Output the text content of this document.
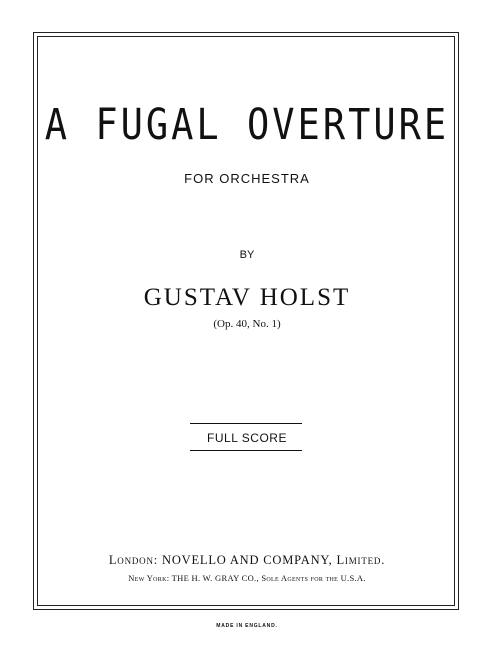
A FUGAL OVERTURE
FOR ORCHESTRA
BY
GUSTAV HOLST
(Op. 40, No. 1)
FULL SCORE
London: NOVELLO AND COMPANY, Limited.
New York: THE H. W. GRAY CO., Sole Agents for the U.S.A.
MADE IN ENGLAND.
